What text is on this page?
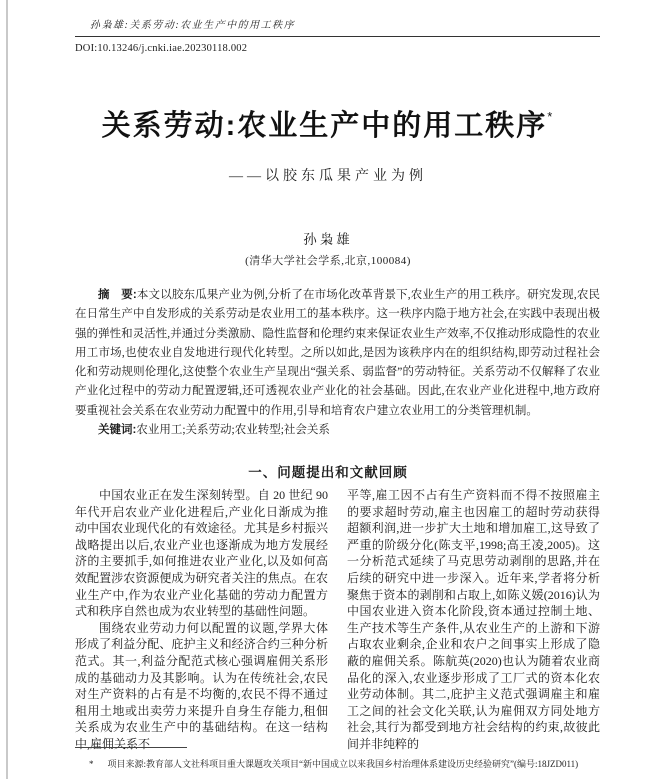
孙枭雄:关系劳动:农业生产中的用工秩序
DOI:10.13246/j.cnki.iae.20230118.002
关系劳动:农业生产中的用工秩序*
——以胶东瓜果产业为例
孙枭雄
(清华大学社会学系,北京,100084)

摘　要:本文以胶东瓜果产业为例,分析了在市场化改革背景下,农业生产的用工秩序。研究发现,农民在日常生产中自发形成的关系劳动是农业用工的基本秩序。这一秩序内隐于地方社会,在实践中表现出极强的弹性和灵活性,并通过分类激励、隐性监督和伦理约束来保证农业生产效率,不仅推动形成隐性的农业用工市场,也使农业自发地进行现代化转型。之所以如此,是因为该秩序内在的组织结构,即劳动过程社会化和劳动规则伦理化,这使整个农业生产呈现出“强关系、弱监督”的劳动特征。关系劳动不仅解释了农业产业化过程中的劳动力配置逻辑,还可透视农业产业化的社会基础。因此,在农业产业化进程中,地方政府要重视社会关系在农业劳动力配置中的作用,引导和培育农户建立农业用工的分类管理机制。

关键词:农业用工;关系劳动;农业转型;社会关系

一、问题提出和文献回顾

中国农业正在发生深刻转型。自 20 世纪 90 年代开启农业产业化进程后,产业化日渐成为推动中国农业现代化的有效途径。尤其是乡村振兴战略提出以后,农业产业也逐渐成为地方发展经济的主要抓手,如何推进农业产业化,以及如何高效配置涉农资源便成为研究者关注的焦点。在农业生产中,作为农业产业化基础的劳动力配置方式和秩序自然也成为农业转型的基础性问题。

围绕农业劳动力何以配置的议题,学界大体形成了利益分配、庇护主义和经济合约三种分析范式。其一,利益分配范式核心强调雇佣关系形成的基础动力及其影响。认为在传统社会,农民对生产资料的占有是不均衡的,农民不得不通过租用土地或出卖劳力来提升自身生存能力,租佃关系成为农业生产中的基础结构。在这一结构中,雇佣关系不

平等,雇工因不占有生产资料而不得不按照雇主的要求超时劳动,雇主也因雇工的超时劳动获得超额利润,进一步扩大土地和增加雇工,这导致了严重的阶级分化(陈支平,1998;高王凌,2005)。这一分析范式延续了马克思劳动剥削的思路,并在后续的研究中进一步深入。近年来,学者将分析聚焦于资本的剥削和占取上,如陈义媛(2016)认为中国农业进入资本化阶段,资本通过控制土地、生产技术等生产条件,从农业生产的上游和下游占取农业剩余,企业和农户之间事实上形成了隐蔽的雇佣关系。陈航英(2020)也认为随着农业商品化的深入,农业逐步形成了工厂式的资本化农业劳动体制。其二,庇护主义范式强调雇主和雇工之间的社会文化关联,认为雇佣双方同处地方社会,其行为都受到地方社会结构的约束,故彼此间并非纯粹的

* 项目来源:教育部人文社科项目重大课题攻关项目“新中国成立以来我国乡村治理体系建设历史经验研究”(编号:18JZD011)
